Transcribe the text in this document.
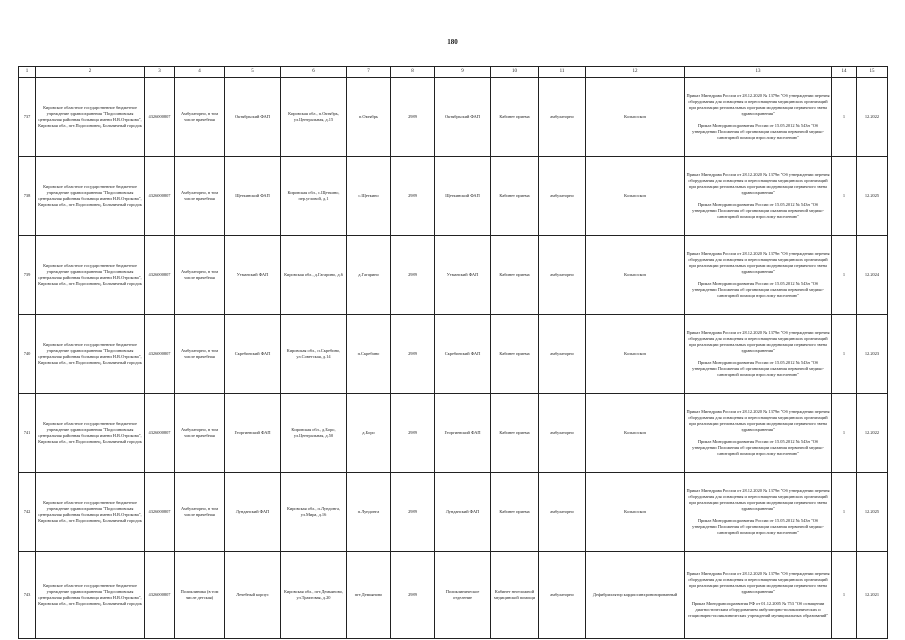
180
1	2	3	4	5	6	7	8	9	10	11	12	13	14	15
737	Кировское областное государственное бюджетное учреждение здравоохранения "Подосиновская центральная районная больница имени Н.В.Отрокова", Кировская обл., пгт.Подосиновец, Больничный городок	4326000807	Амбулаторно, в том числе врачебная	Октябрьский ФАП	Кировская обл., п.Октябрь, ул.Центральная, д.15	п.Октябрь	2989	Октябрьский ФАП	Кабинет приема	амбулаторно	Кольпоскоп	Приказ Минздрава России от 28.12.2020 № 1379н "Об утверждении перечня оборудования для оснащения и переоснащения медицинских организаций при реализации региональных программ модернизации первичного звена здравоохранения"
Приказ Минздравсоцразвития России от 15.05.2012 № 543н "Об утверждении Положения об организации оказания первичной медико-санитарной помощи взрослому населению"	1	12.2022
738	Кировское областное государственное бюджетное учреждение здравоохранения "Подосиновская центральная районная больница имени Н.В.Отрокова", Кировская обл., пгт.Подосиновец, Больничный городок	4326000807	Амбулаторно, в том числе врачебная	Щеткинский ФАП	Кировская обл., с.Щеткино, пер.угловой, д.1	с.Щеткино	2989	Щеткинский ФАП	Кабинет приема	амбулаторно	Кольпоскоп	Приказ Минздрава России от 28.12.2020 № 1379н "Об утверждении перечня оборудования для оснащения и переоснащения медицинских организаций при реализации региональных программ модернизации первичного звена здравоохранения"
Приказ Минздравсоцразвития России от 15.05.2012 № 543н "Об утверждении Положения об организации оказания первичной медико-санитарной помощи взрослому населению"	1	12.2025
739	Кировское областное государственное бюджетное учреждение здравоохранения "Подосиновская центральная районная больница имени Н.В.Отрокова", Кировская обл., пгт.Подосиновец, Больничный городок	4326000807	Амбулаторно, в том числе врачебная	Утманский ФАП	Кировская обл., д.Гагарино, д.6	д.Гагарино	2989	Утманский ФАП	Кабинет приема	амбулаторно	Кольпоскоп	Приказ Минздрава России от 28.12.2020 № 1379н "Об утверждении перечня оборудования для оснащения и переоснащения медицинских организаций при реализации региональных программ модернизации первичного звена здравоохранения"
Приказ Минздравсоцразвития России от 15.05.2012 № 543н "Об утверждении Положения об организации оказания первичной медико-санитарной помощи взрослому населению"	1	12.2024
740	Кировское областное государственное бюджетное учреждение здравоохранения "Подосиновская центральная районная больница имени Н.В.Отрокова", Кировская обл., пгт.Подосиновец, Больничный городок	4326000807	Амбулаторно, в том числе врачебная	Скребинский ФАП	Кировская обл., п.Скребино, ул.Советская, д.14	п.Скребино	2989	Скребинский ФАП	Кабинет приема	амбулаторно	Кольпоскоп	Приказ Минздрава России от 28.12.2020 № 1379н "Об утверждении перечня оборудования для оснащения и переоснащения медицинских организаций при реализации региональных программ модернизации первичного звена здравоохранения"
Приказ Минздравсоцразвития России от 15.05.2012 № 543н "Об утверждении Положения об организации оказания первичной медико-санитарной помощи взрослому населению"	1	12.2023
741	Кировское областное государственное бюджетное учреждение здравоохранения "Подосиновская центральная районная больница имени Н.В.Отрокова", Кировская обл., пгт.Подосиновец, Больничный городок	4326000807	Амбулаторно, в том числе врачебная	Георгиевский ФАП	Кировская обл., д.Боро, ул.Центральная, д.50	д.Боро	2989	Георгиевский ФАП	Кабинет приема	амбулаторно	Кольпоскоп	Приказ Минздрава России от 28.12.2020 № 1379н "Об утверждении перечня оборудования для оснащения и переоснащения медицинских организаций при реализации региональных программ модернизации первичного звена здравоохранения"
Приказ Минздравсоцразвития России от 15.05.2012 № 543н "Об утверждении Положения об организации оказания первичной медико-санитарной помощи взрослому населению"	1	12.2022
742	Кировское областное государственное бюджетное учреждение здравоохранения "Подосиновская центральная районная больница имени Н.В.Отрокова", Кировская обл., пгт.Подосиновец, Больничный городок	4326000807	Амбулаторно, в том числе врачебная	Лунданский ФАП	Кировская обл., п.Лундонга, ул.Мира, д.16	п.Лундонга	2989	Лунданский ФАП	Кабинет приема	амбулаторно	Кольпоскоп	Приказ Минздрава России от 28.12.2020 № 1379н "Об утверждении перечня оборудования для оснащения и переоснащения медицинских организаций при реализации региональных программ модернизации первичного звена здравоохранения"
Приказ Минздравсоцразвития России от 15.05.2012 № 543н "Об утверждении Положения об организации оказания первичной медико-санитарной помощи взрослому населению"	1	12.2025
743	Кировское областное государственное бюджетное учреждение здравоохранения "Подосиновская центральная районная больница имени Н.В.Отрокова", Кировская обл., пгт.Подосиновец, Больничный городок	4326000807	Поликлиника (в том числе детская)	Лечебный корпус	Кировская обл., пгт.Демьяново, ул.Трактовая, д.20	пгт.Демьяново	2989	Поликлиническое отделение	Кабинет неотложной медицинской помощи	амбулаторно	Дефибриллятор кардиосинхронизированный	Приказ Минздрава России от 28.12.2020 № 1379н "Об утверждении перечня оборудования для оснащения и переоснащения медицинских организаций при реализации региональных программ модернизации первичного звена здравоохранения"
Приказ Минздравсоцразвития РФ от 01.12.2005 № 753 "Об оснащении диагностическим оборудованием амбулаторно-поликлинических и стационарно-поликлинических учреждений муниципальных образований"	1	12.2021
